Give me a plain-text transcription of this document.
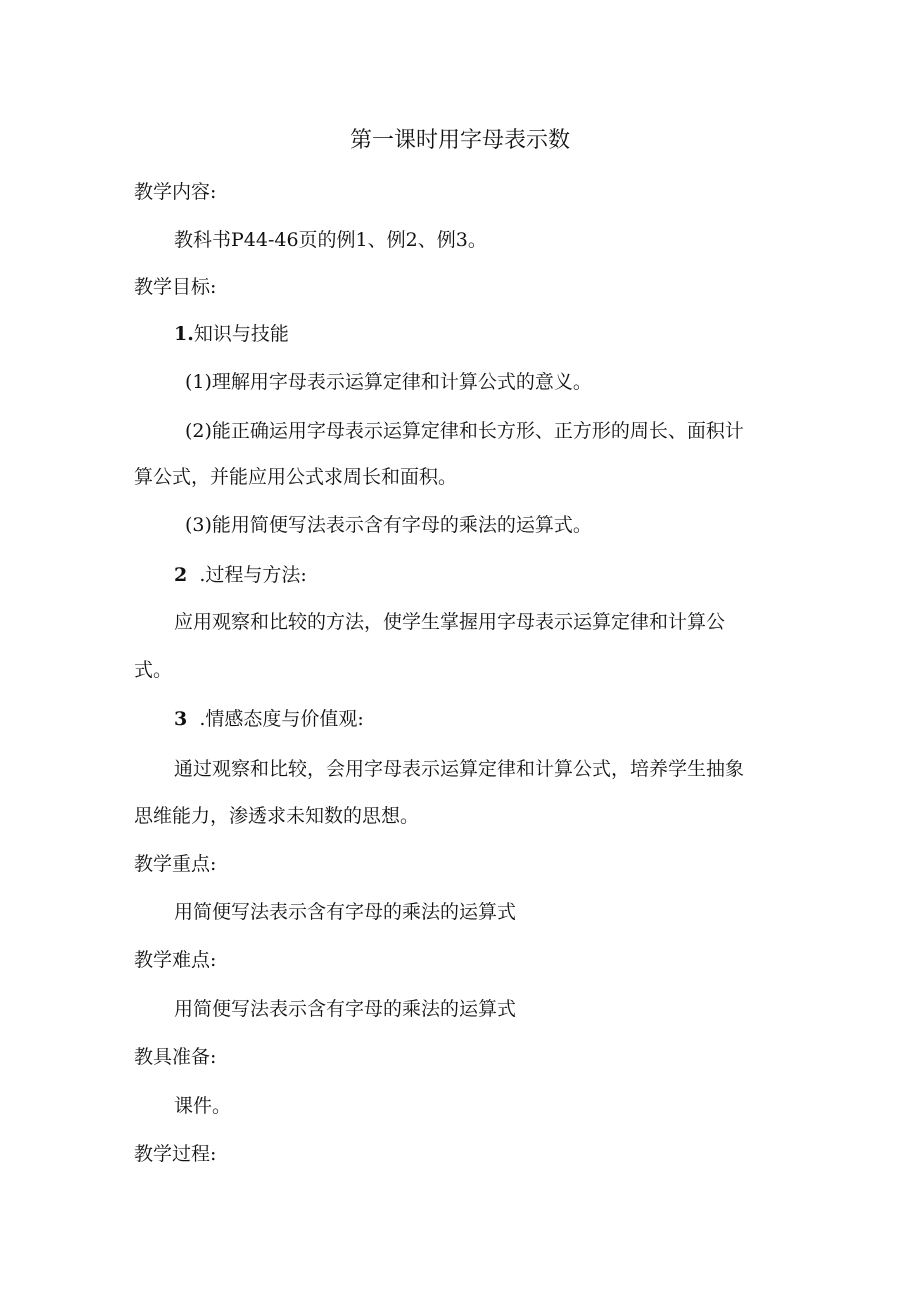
第一课时用字母表示数
教学内容:
教科书P44-46页的例1、例2、例3。
教学目标:
1.知识与技能
(1)理解用字母表示运算定律和计算公式的意义。
(2)能正确运用字母表示运算定律和长方形、正方形的周长、面积计
算公式，并能应用公式求周长和面积。
(3)能用简便写法表示含有字母的乘法的运算式。
2 .过程与方法:
应用观察和比较的方法，使学生掌握用字母表示运算定律和计算公
式。
3 .情感态度与价值观:
通过观察和比较，会用字母表示运算定律和计算公式，培养学生抽象
思维能力，渗透求未知数的思想。
教学重点:
用简便写法表示含有字母的乘法的运算式
教学难点:
用简便写法表示含有字母的乘法的运算式
教具准备:
课件。
教学过程:
